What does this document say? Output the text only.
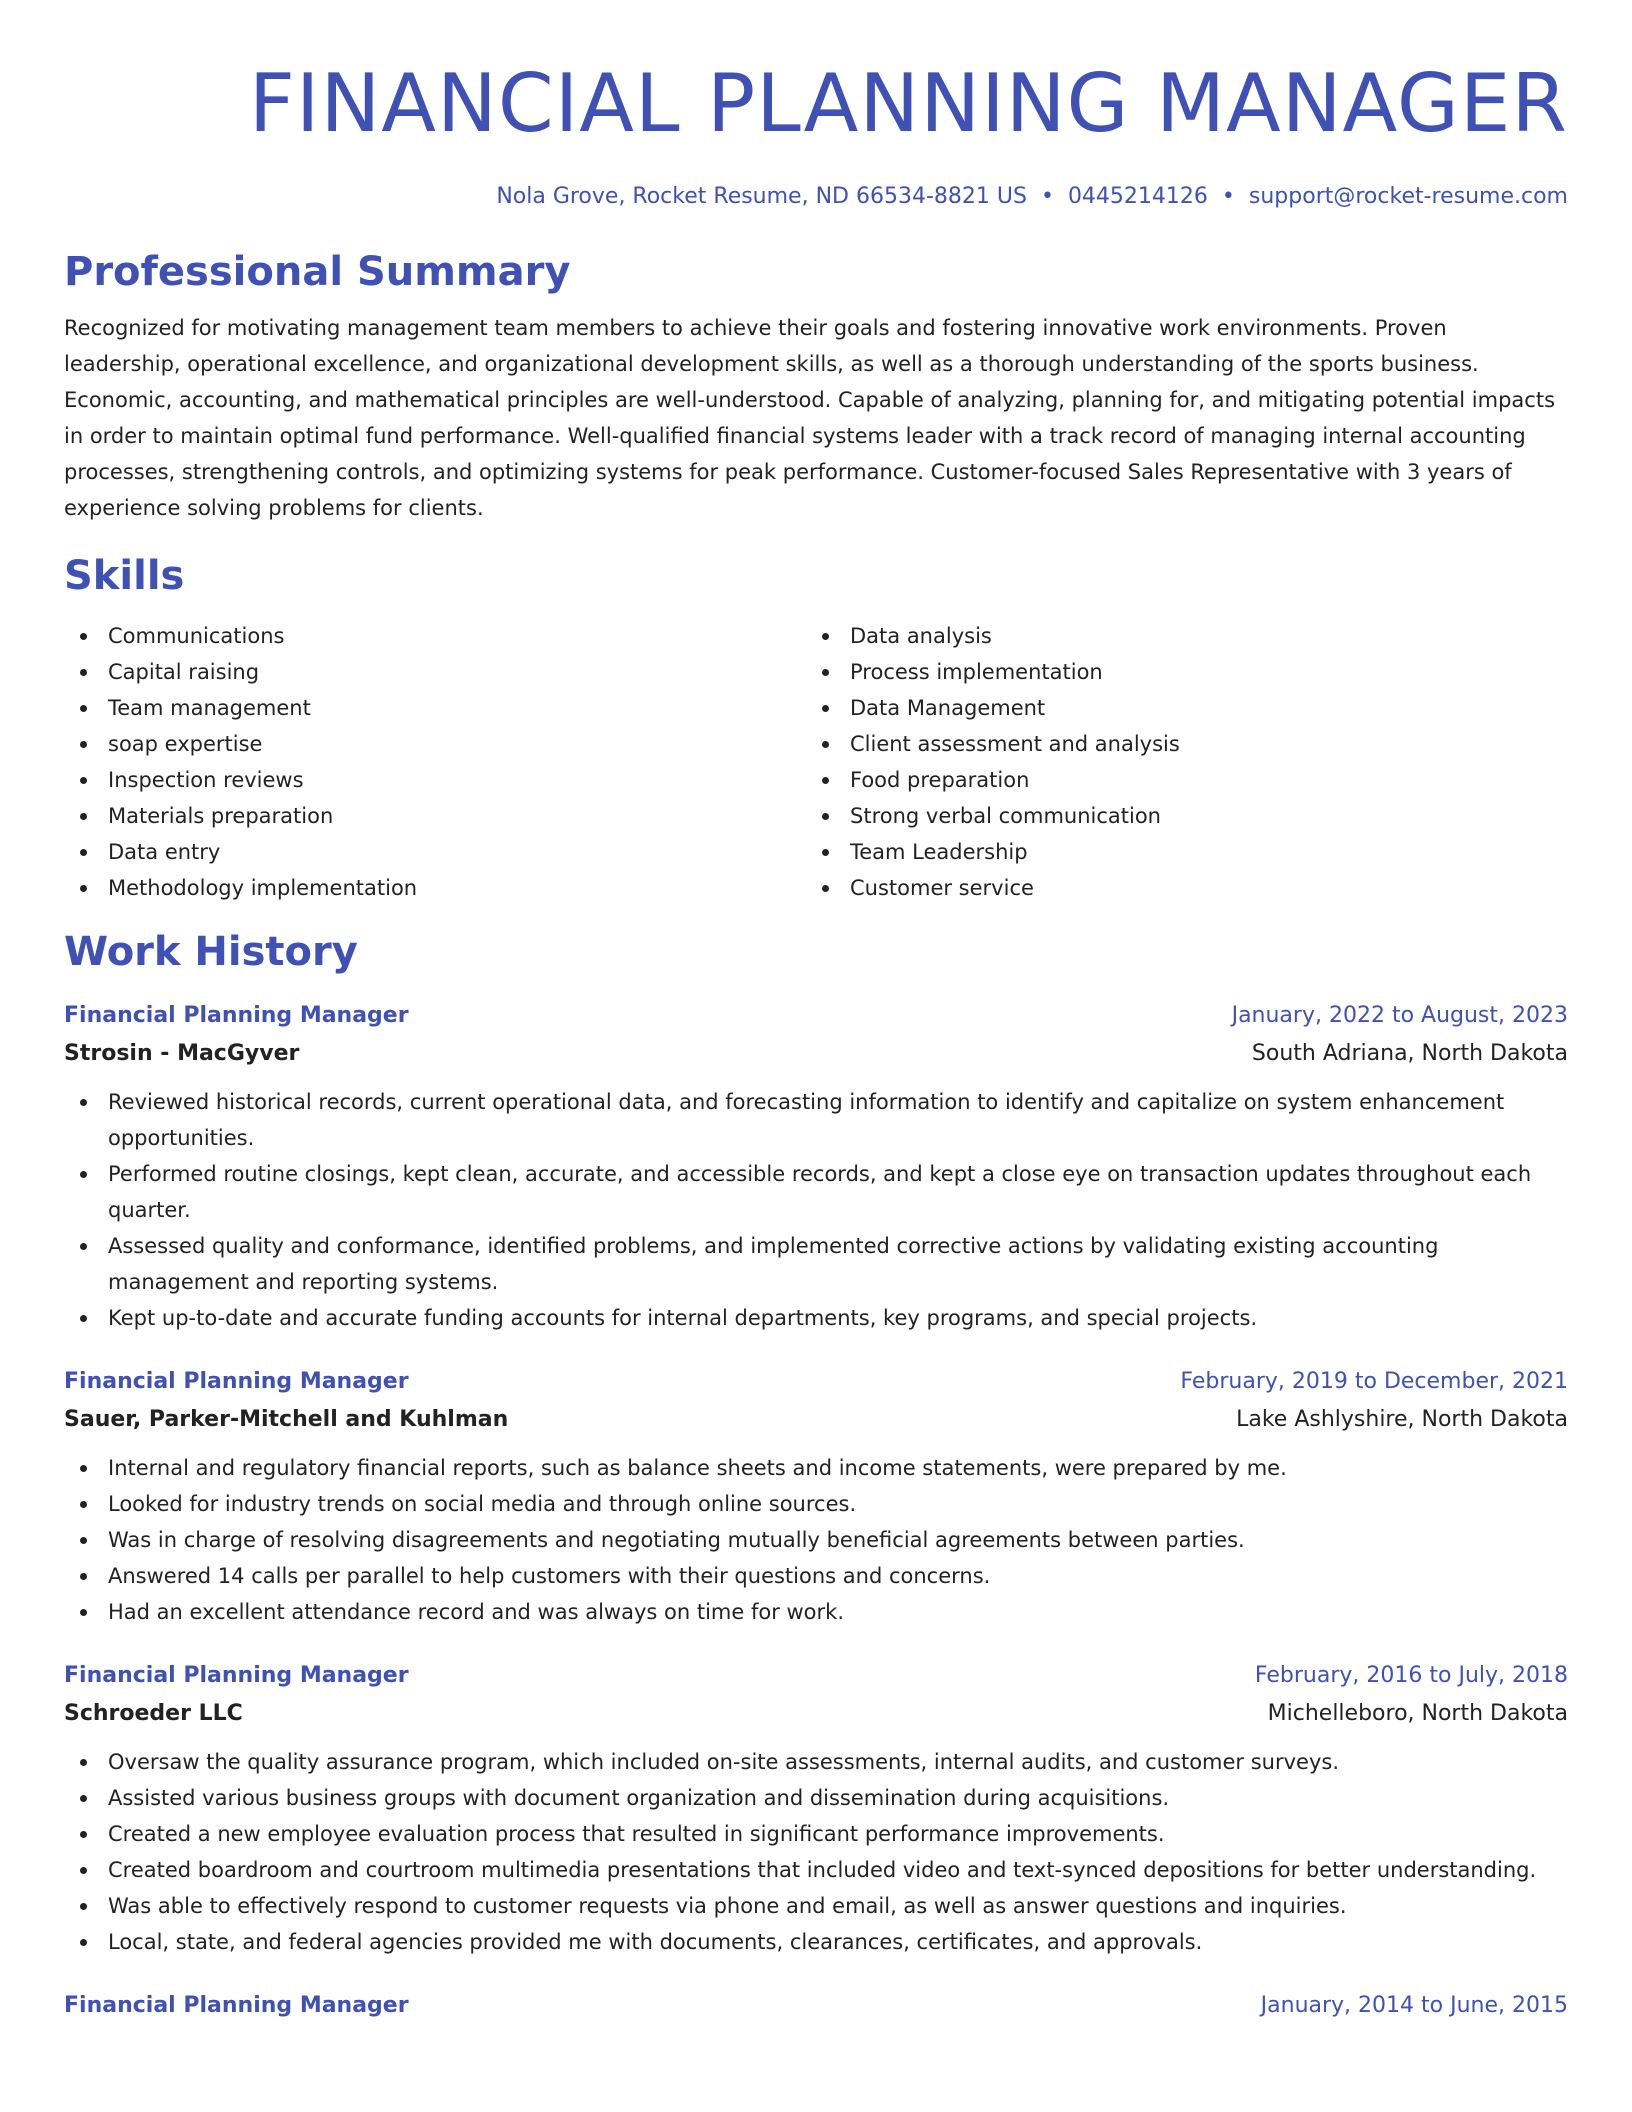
FINANCIAL PLANNING MANAGER
Nola Grove, Rocket Resume, ND 66534-8821 US • 0445214126 • support@rocket-resume.com
Professional Summary
Recognized for motivating management team members to achieve their goals and fostering innovative work environments. Proven leadership, operational excellence, and organizational development skills, as well as a thorough understanding of the sports business. Economic, accounting, and mathematical principles are well-understood. Capable of analyzing, planning for, and mitigating potential impacts in order to maintain optimal fund performance. Well-qualified financial systems leader with a track record of managing internal accounting processes, strengthening controls, and optimizing systems for peak performance. Customer-focused Sales Representative with 3 years of experience solving problems for clients.
Skills
Communications
Capital raising
Team management
soap expertise
Inspection reviews
Materials preparation
Data entry
Methodology implementation
Data analysis
Process implementation
Data Management
Client assessment and analysis
Food preparation
Strong verbal communication
Team Leadership
Customer service
Work History
Financial Planning Manager	January, 2022 to August, 2023
Strosin - MacGyver	South Adriana, North Dakota
Reviewed historical records, current operational data, and forecasting information to identify and capitalize on system enhancement opportunities.
Performed routine closings, kept clean, accurate, and accessible records, and kept a close eye on transaction updates throughout each quarter.
Assessed quality and conformance, identified problems, and implemented corrective actions by validating existing accounting management and reporting systems.
Kept up-to-date and accurate funding accounts for internal departments, key programs, and special projects.
Financial Planning Manager	February, 2019 to December, 2021
Sauer, Parker-Mitchell and Kuhlman	Lake Ashlyshire, North Dakota
Internal and regulatory financial reports, such as balance sheets and income statements, were prepared by me.
Looked for industry trends on social media and through online sources.
Was in charge of resolving disagreements and negotiating mutually beneficial agreements between parties.
Answered 14 calls per parallel to help customers with their questions and concerns.
Had an excellent attendance record and was always on time for work.
Financial Planning Manager	February, 2016 to July, 2018
Schroeder LLC	Michelleboro, North Dakota
Oversaw the quality assurance program, which included on-site assessments, internal audits, and customer surveys.
Assisted various business groups with document organization and dissemination during acquisitions.
Created a new employee evaluation process that resulted in significant performance improvements.
Created boardroom and courtroom multimedia presentations that included video and text-synced depositions for better understanding.
Was able to effectively respond to customer requests via phone and email, as well as answer questions and inquiries.
Local, state, and federal agencies provided me with documents, clearances, certificates, and approvals.
Financial Planning Manager	January, 2014 to June, 2015
